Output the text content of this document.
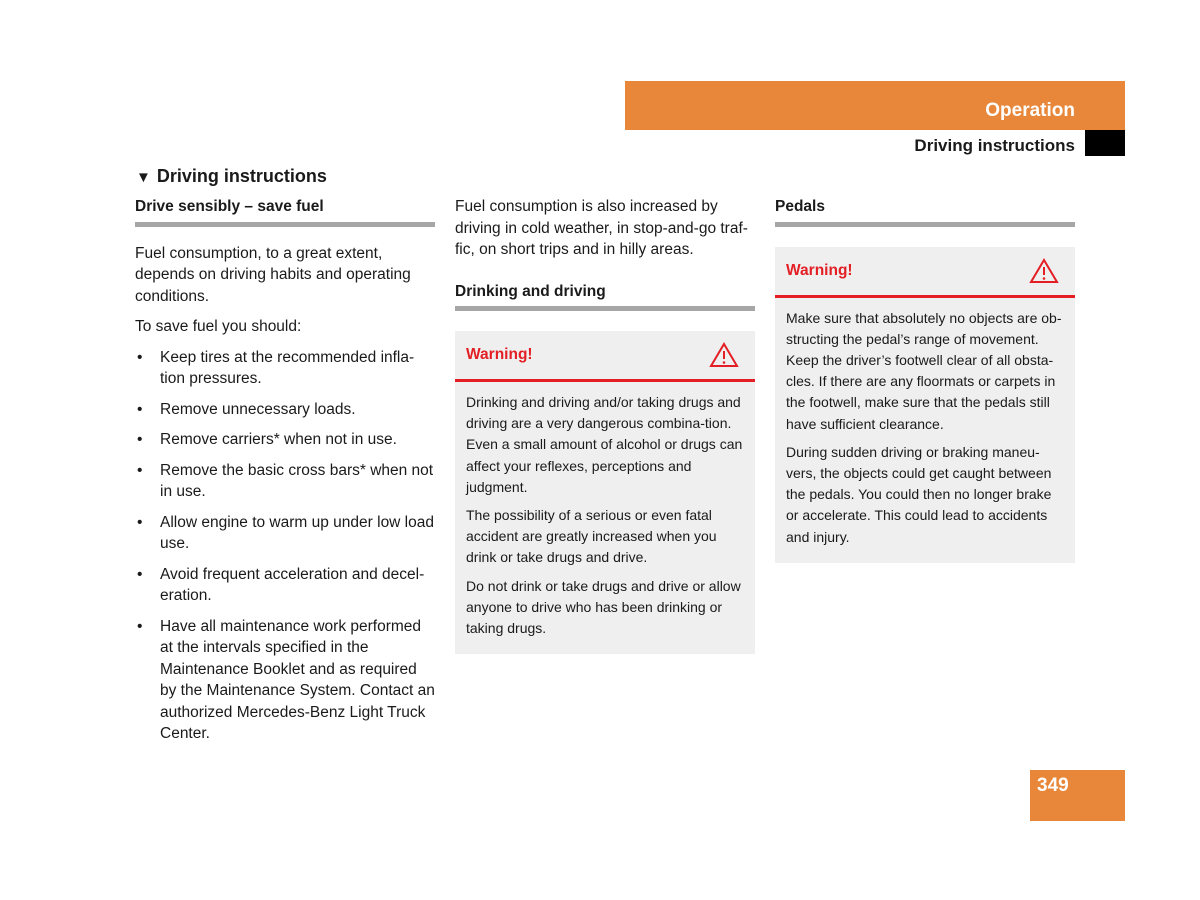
Operation
Driving instructions
▼ Driving instructions
Drive sensibly – save fuel

Fuel consumption, to a great extent, depends on driving habits and operating conditions.

To save fuel you should:

• Keep tires at the recommended infla-tion pressures.
• Remove unnecessary loads.
• Remove carriers* when not in use.
• Remove the basic cross bars* when not in use.
• Allow engine to warm up under low load use.
• Avoid frequent acceleration and decel-eration.
• Have all maintenance work performed at the intervals specified in the Maintenance Booklet and as required by the Maintenance System. Contact an authorized Mercedes-Benz Light Truck Center.

Fuel consumption is also increased by driving in cold weather, in stop-and-go traf-fic, on short trips and in hilly areas.

Drinking and driving
Warning!

Drinking and driving and/or taking drugs and driving are a very dangerous combina-tion. Even a small amount of alcohol or drugs can affect your reflexes, perceptions and judgment.

The possibility of a serious or even fatal accident are greatly increased when you drink or take drugs and drive.

Do not drink or take drugs and drive or allow anyone to drive who has been drinking or taking drugs.

Pedals
Warning!

Make sure that absolutely no objects are ob-structing the pedal’s range of movement. Keep the driver’s footwell clear of all obsta-cles. If there are any floormats or carpets in the footwell, make sure that the pedals still have sufficient clearance.

During sudden driving or braking maneu-vers, the objects could get caught between the pedals. You could then no longer brake or accelerate. This could lead to accidents and injury.

349
